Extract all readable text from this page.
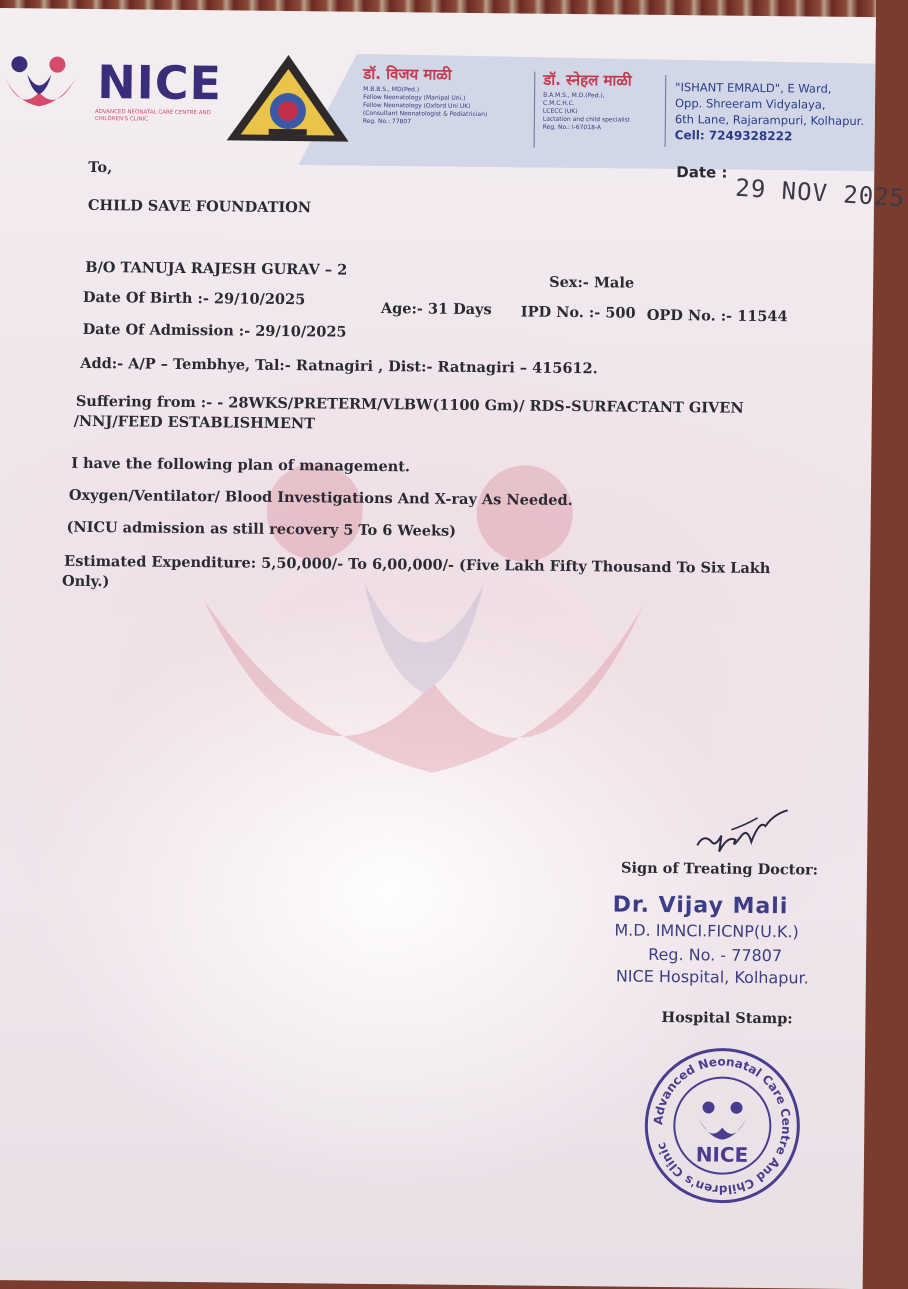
NICE
ADVANCED NEONATAL CARE CENTRE AND CHILDREN'S CLINIC
डॉ. विजय माळी
M.B.B.S., MD(Ped.)
Fellow Neonatology (Manipal Uni.)
Fellow Neonatology (Oxford Uni UK)
(Consultant Neonatologist & Pediatrician)
Reg. No.: 77807
डॉ. स्नेहल माळी
B.A.M.S., M.D.(Ped.),
C.M.C.H.C.
LCECC (UK)
Lactation and child specialist
Reg. No.: I-67018-A
"ISHANT EMRALD", E Ward,
Opp. Shreeram Vidyalaya,
6th Lane, Rajarampuri, Kolhapur.
Cell: 7249328222
To,	Date :
29 NOV 2025
CHILD SAVE FOUNDATION
B/O TANUJA RAJESH GURAV – 2
Sex:- Male
Date Of Birth :- 29/10/2025
Age:- 31 Days IPD No. :- 500 OPD No. :- 11544
Date Of Admission :- 29/10/2025
Add:- A/P – Tembhye, Tal:- Ratnagiri , Dist:- Ratnagiri – 415612.
Suffering from :- - 28WKS/PRETERM/VLBW(1100 Gm)/ RDS-SURFACTANT GIVEN
/NNJ/FEED ESTABLISHMENT
I have the following plan of management.
Oxygen/Ventilator/ Blood Investigations And X-ray As Needed.
(NICU admission as still recovery 5 To 6 Weeks)
Estimated Expenditure: 5,50,000/- To 6,00,000/- (Five Lakh Fifty Thousand To Six Lakh
Only.)
Sign of Treating Doctor:
Dr. Vijay Mali
M.D. IMNCI.FICNP(U.K.)
Reg. No. - 77807
NICE Hospital, Kolhapur.
Hospital Stamp:
Advanced Neonatal Care Centre And Children's Clinic	NICE
